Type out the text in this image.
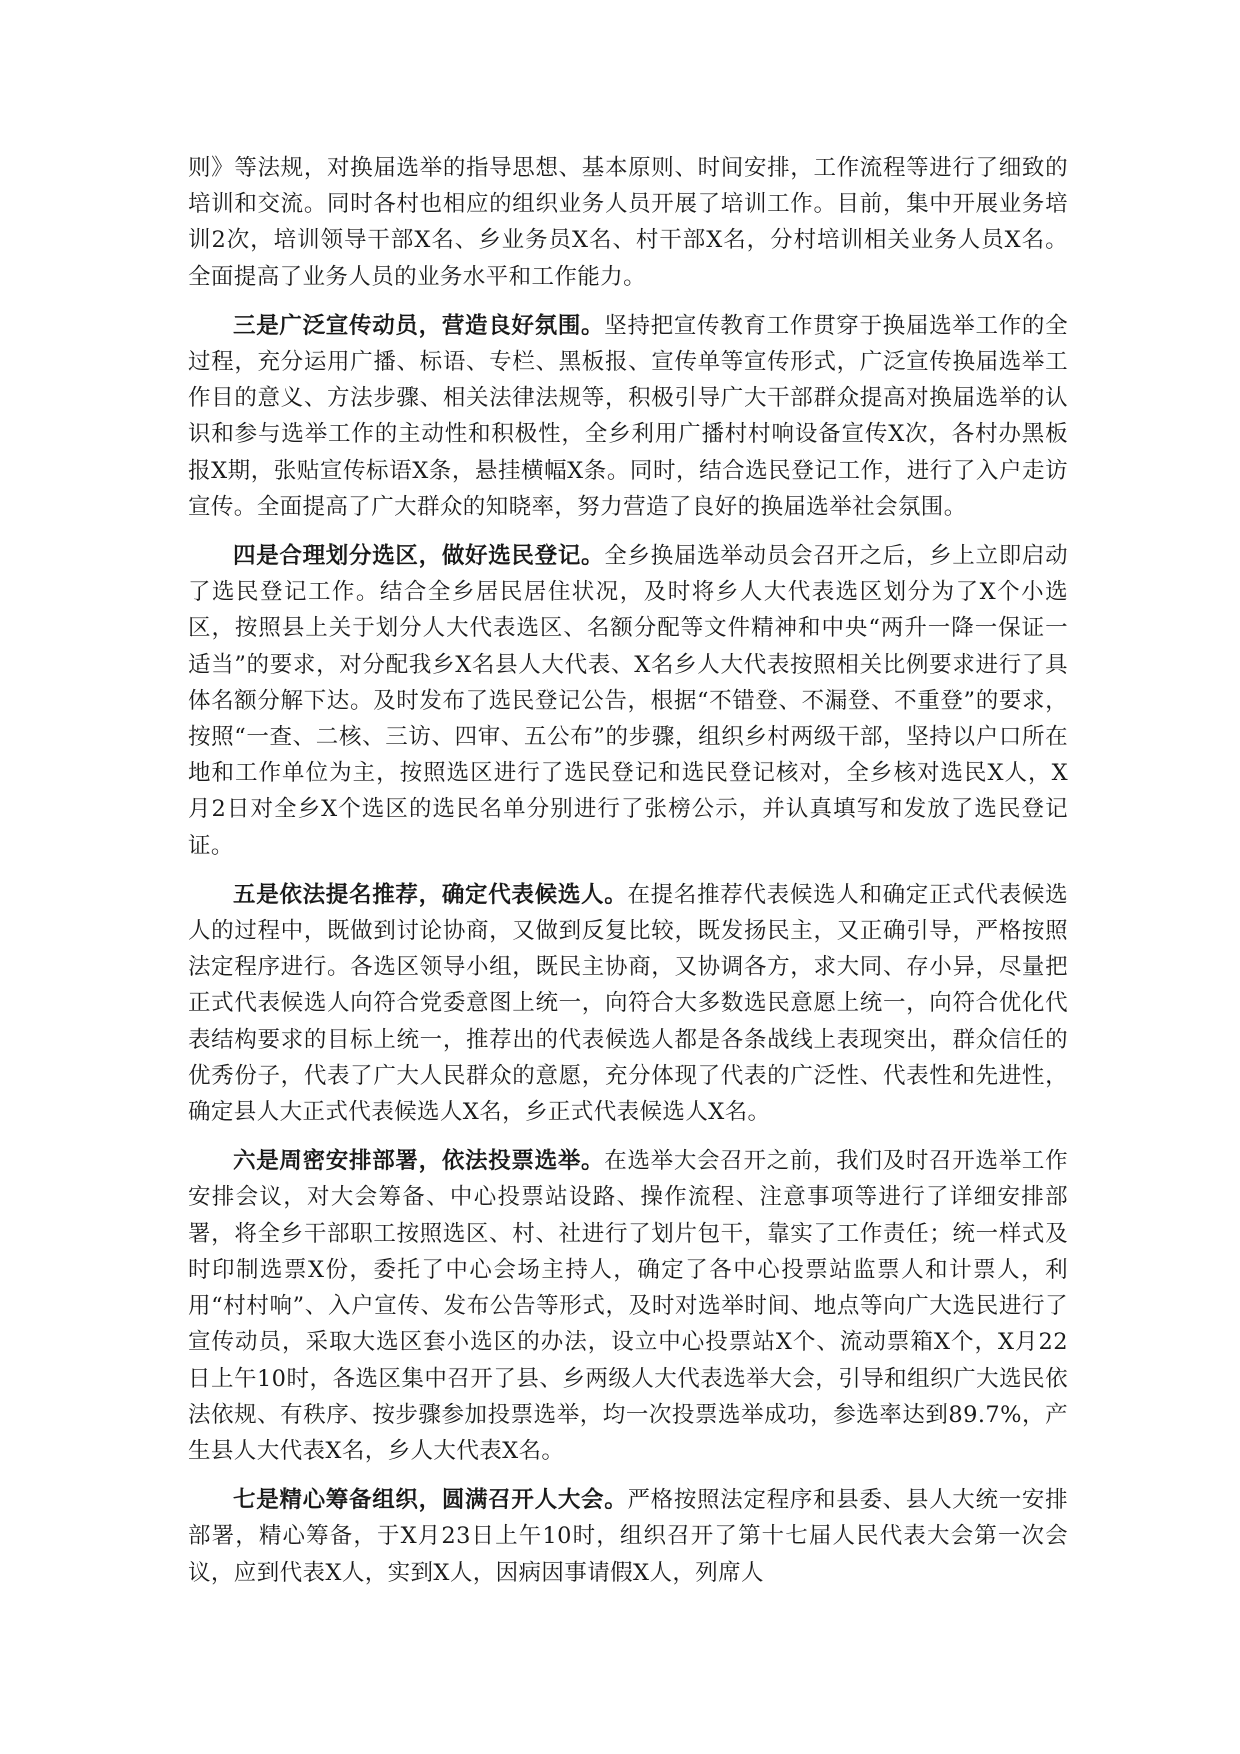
则》等法规，对换届选举的指导思想、基本原则、时间安排，工作流程等进行了细致的培训和交流。同时各村也相应的组织业务人员开展了培训工作。目前，集中开展业务培训2次，培训领导干部X名、乡业务员X名、村干部X名，分村培训相关业务人员X名。全面提高了业务人员的业务水平和工作能力。

三是广泛宣传动员，营造良好氛围。坚持把宣传教育工作贯穿于换届选举工作的全过程，充分运用广播、标语、专栏、黑板报、宣传单等宣传形式，广泛宣传换届选举工作目的意义、方法步骤、相关法律法规等，积极引导广大干部群众提高对换届选举的认识和参与选举工作的主动性和积极性，全乡利用广播村村响设备宣传X次，各村办黑板报X期，张贴宣传标语X条，悬挂横幅X条。同时，结合选民登记工作，进行了入户走访宣传。全面提高了广大群众的知晓率，努力营造了良好的换届选举社会氛围。

四是合理划分选区，做好选民登记。全乡换届选举动员会召开之后，乡上立即启动了选民登记工作。结合全乡居民居住状况，及时将乡人大代表选区划分为了X个小选区，按照县上关于划分人大代表选区、名额分配等文件精神和中央“两升一降一保证一适当”的要求，对分配我乡X名县人大代表、X名乡人大代表按照相关比例要求进行了具体名额分解下达。及时发布了选民登记公告，根据“不错登、不漏登、不重登”的要求，按照“一查、二核、三访、四审、五公布”的步骤，组织乡村两级干部，坚持以户口所在地和工作单位为主，按照选区进行了选民登记和选民登记核对，全乡核对选民X人，X月2日对全乡X个选区的选民名单分别进行了张榜公示，并认真填写和发放了选民登记证。

五是依法提名推荐，确定代表候选人。在提名推荐代表候选人和确定正式代表候选人的过程中，既做到讨论协商，又做到反复比较，既发扬民主，又正确引导，严格按照法定程序进行。各选区领导小组，既民主协商，又协调各方，求大同、存小异，尽量把正式代表候选人向符合党委意图上统一，向符合大多数选民意愿上统一，向符合优化代表结构要求的目标上统一，推荐出的代表候选人都是各条战线上表现突出，群众信任的优秀份子，代表了广大人民群众的意愿，充分体现了代表的广泛性、代表性和先进性，确定县人大正式代表候选人X名，乡正式代表候选人X名。

六是周密安排部署，依法投票选举。在选举大会召开之前，我们及时召开选举工作安排会议，对大会筹备、中心投票站设路、操作流程、注意事项等进行了详细安排部署，将全乡干部职工按照选区、村、社进行了划片包干，靠实了工作责任；统一样式及时印制选票X份，委托了中心会场主持人，确定了各中心投票站监票人和计票人，利用“村村响”、入户宣传、发布公告等形式，及时对选举时间、地点等向广大选民进行了宣传动员，采取大选区套小选区的办法，设立中心投票站X个、流动票箱X个，X月22日上午10时，各选区集中召开了县、乡两级人大代表选举大会，引导和组织广大选民依法依规、有秩序、按步骤参加投票选举，均一次投票选举成功，参选率达到89.7%，产生县人大代表X名，乡人大代表X名。

七是精心筹备组织，圆满召开人大会。严格按照法定程序和县委、县人大统一安排部署，精心筹备，于X月23日上午10时，组织召开了第十七届人民代表大会第一次会议，应到代表X人，实到X人，因病因事请假X人，列席人
